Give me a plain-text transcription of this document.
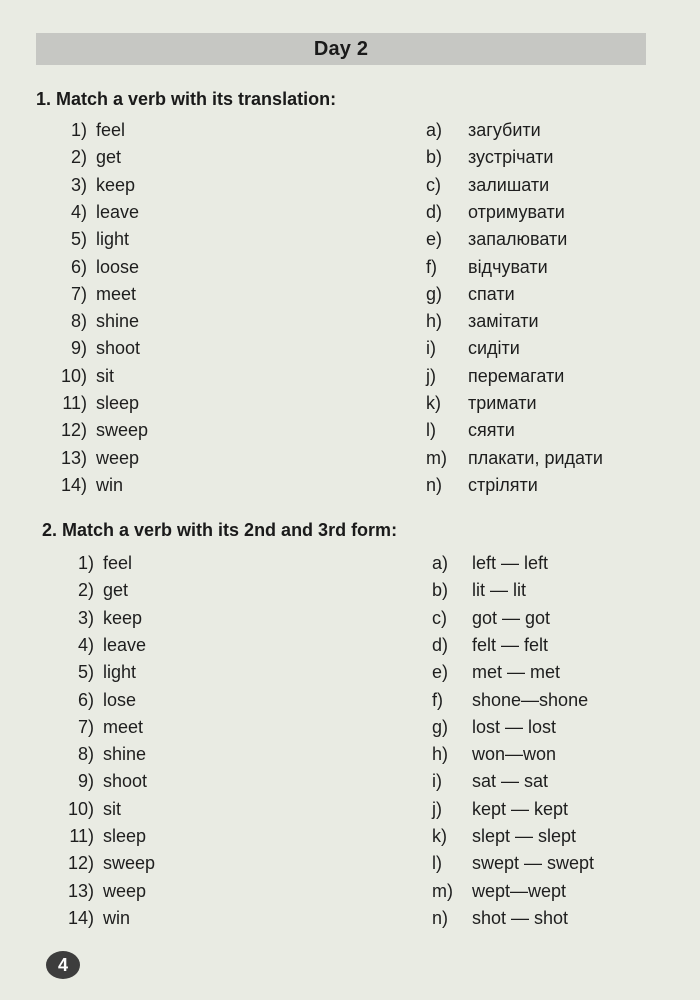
Day 2
1. Match a verb with its translation:
1) feel
2) get
3) keep
4) leave
5) light
6) loose
7) meet
8) shine
9) shoot
10) sit
11) sleep
12) sweep
13) weep
14) win
a) загубити
b) зустрічати
c) залишати
d) отримувати
e) запалювати
f) відчувати
g) спати
h) замітати
i) сидіти
j) перемагати
k) тримати
l) сяяти
m) плакати, ридати
n) стріляти
2. Match a verb with its 2nd and 3rd form:
1) feel
2) get
3) keep
4) leave
5) light
6) lose
7) meet
8) shine
9) shoot
10) sit
11) sleep
12) sweep
13) weep
14) win
a) left — left
b) lit — lit
c) got — got
d) felt — felt
e) met — met
f) shone—shone
g) lost — lost
h) won—won
i) sat — sat
j) kept — kept
k) slept — slept
l) swept — swept
m) wept—wept
n) shot — shot
4
